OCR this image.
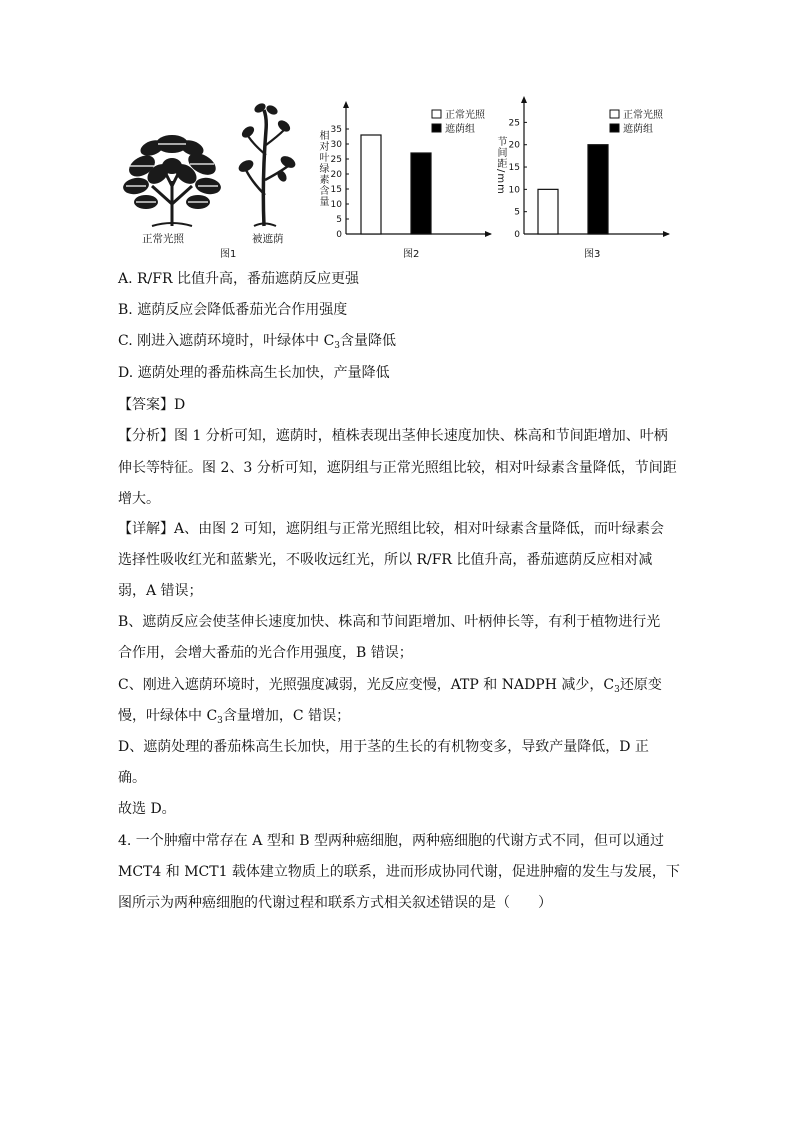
正常光照	被遮荫
图1
0
5
10
15
20
25
30
35
正常光照
遮荫组
相对叶绿素含量
图2
0
5
10
15
20
25
正常光照
遮荫组
节间距/mm
图3
A. R/FR 比值升高，番茄遮荫反应更强
B. 遮荫反应会降低番茄光合作用强度
C. 刚进入遮荫环境时，叶绿体中 $C_3$含量降低
D. 遮荫处理的番茄株高生长加快，产量降低
【答案】D
【分析】图 1 分析可知，遮荫时，植株表现出茎伸长速度加快、株高和节间距增加、叶柄
伸长等特征。图 2、3 分析可知，遮阴组与正常光照组比较，相对叶绿素含量降低，节间距
增大。
【详解】A、由图 2 可知，遮阴组与正常光照组比较，相对叶绿素含量降低，而叶绿素会
选择性吸收红光和蓝紫光，不吸收远红光，所以 R/FR 比值升高，番茄遮荫反应相对减
弱，A 错误；
B、遮荫反应会使茎伸长速度加快、株高和节间距增加、叶柄伸长等，有利于植物进行光
合作用，会增大番茄的光合作用强度，B 错误；
C、刚进入遮荫环境时，光照强度减弱，光反应变慢，ATP 和 NADPH 减少，$C_3$还原变
慢，叶绿体中 $C_3$含量增加，C 错误；
D、遮荫处理的番茄株高生长加快，用于茎的生长的有机物变多，导致产量降低，D 正
确。
故选 D。
4. 一个肿瘤中常存在 A 型和 B 型两种癌细胞，两种癌细胞的代谢方式不同，但可以通过
MCT4 和 MCT1 载体建立物质上的联系，进而形成协同代谢，促进肿瘤的发生与发展，下
图所示为两种癌细胞的代谢过程和联系方式相关叙述错误的是（　　）
